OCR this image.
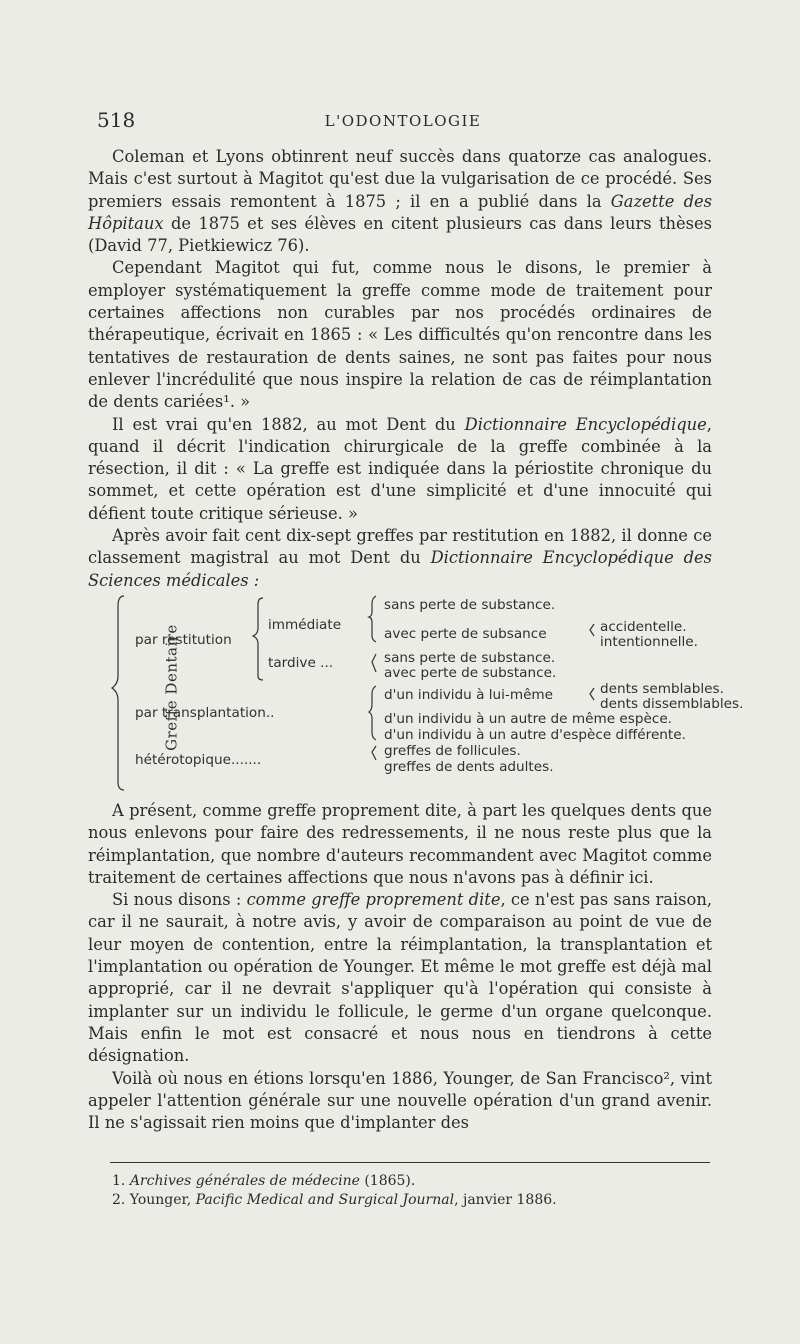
518	L'ODONTOLOGIE

Coleman et Lyons obtinrent neuf succès dans quatorze cas analogues. Mais c'est surtout à Magitot qu'est due la vulgarisation de ce procédé. Ses premiers essais remontent à 1875 ; il en a publié dans la Gazette des Hôpitaux de 1875 et ses élèves en citent plusieurs cas dans leurs thèses (David 77, Pietkiewicz 76).

Cependant Magitot qui fut, comme nous le disons, le premier à employer systématiquement la greffe comme mode de traitement pour certaines affections non curables par nos procédés ordinaires de thérapeutique, écrivait en 1865 : « Les difficultés qu'on rencontre dans les tentatives de restauration de dents saines, ne sont pas faites pour nous enlever l'incrédulité que nous inspire la relation de cas de réimplantation de dents cariées¹. »

Il est vrai qu'en 1882, au mot Dent du Dictionnaire Encyclopédique, quand il décrit l'indication chirurgicale de la greffe combinée à la résection, il dit : « La greffe est indiquée dans la périostite chronique du sommet, et cette opération est d'une simplicité et d'une innocuité qui défient toute critique sérieuse. »

Après avoir fait cent dix-sept greffes par restitution en 1882, il donne ce classement magistral au mot Dent du Dictionnaire Encyclopédique des Sciences médicales :

Greffe Dentaire
par restitution
immédiate
sans perte de substance.
avec perte de subsance	accidentelle.
intentionnelle.
tardive ...	sans perte de substance.
avec perte de substance.
par transplantation..
d'un individu à lui-même	dents semblables.
dents dissemblables.
d'un individu à un autre de même espèce.
d'un individu à un autre d'espèce différente.
hétérotopique.......
greffes de follicules.
greffes de dents adultes.

A présent, comme greffe proprement dite, à part les quelques dents que nous enlevons pour faire des redressements, il ne nous reste plus que la réimplantation, que nombre d'auteurs recommandent avec Magitot comme traitement de certaines affections que nous n'avons pas à définir ici.

Si nous disons : comme greffe proprement dite, ce n'est pas sans raison, car il ne saurait, à notre avis, y avoir de comparaison au point de vue de leur moyen de contention, entre la réimplantation, la transplantation et l'implantation ou opération de Younger. Et même le mot greffe est déjà mal approprié, car il ne devrait s'appliquer qu'à l'opération qui consiste à implanter sur un individu le follicule, le germe d'un organe quelconque. Mais enfin le mot est consacré et nous nous en tiendrons à cette désignation.

Voilà où nous en étions lorsqu'en 1886, Younger, de San Francisco², vint appeler l'attention générale sur une nouvelle opération d'un grand avenir. Il ne s'agissait rien moins que d'implanter des

1. Archives générales de médecine (1865).
2. Younger, Pacific Medical and Surgical Journal, janvier 1886.
